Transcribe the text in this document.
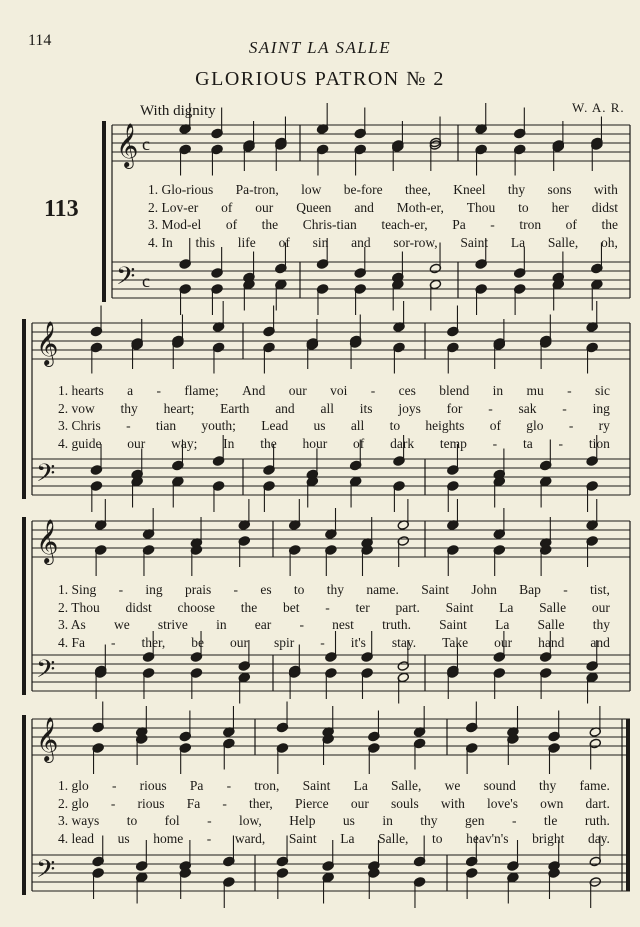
114	SAINT LA SALLE
GLORIOUS PATRON № 2
With dignity	W. A. R.
113
𝄞
𝄢
c
c
𝄞
𝄢
𝄞
𝄢
𝄞
𝄢
1. Glo-rious Pa-tron, low be-fore thee, Kneel thy sons with
2. Lov-er of our Queen and Moth-er, Thou to her didst
3. Mod-el of the Chris-tian teach-er, Pa - tron of the
4. In this life of sin and sor-row, Saint La Salle, oh,
1. hearts a - flame; And our voi - ces blend in mu - sic
2. vow thy heart; Earth and all its joys for - sak - ing
3. Chris - tian youth; Lead us all to heights of glo - ry
4. guide our way; In the hour of dark temp - ta - tion
1. Sing - ing prais - es to thy name. Saint John Bap - tist,
2. Thou didst choose the bet - ter part. Saint La Salle our
3. As we strive in ear - nest truth. Saint La Salle thy
4. Fa - ther, be our spir - it's stay. Take our hand and
1. glo - rious Pa - tron, Saint La Salle, we sound thy fame.
2. glo - rious Fa - ther, Pierce our souls with love's own dart.
3. ways to fol - low, Help us in thy gen - tle ruth.
4. lead us home - ward, Saint La Salle, to heav'n's bright day.
